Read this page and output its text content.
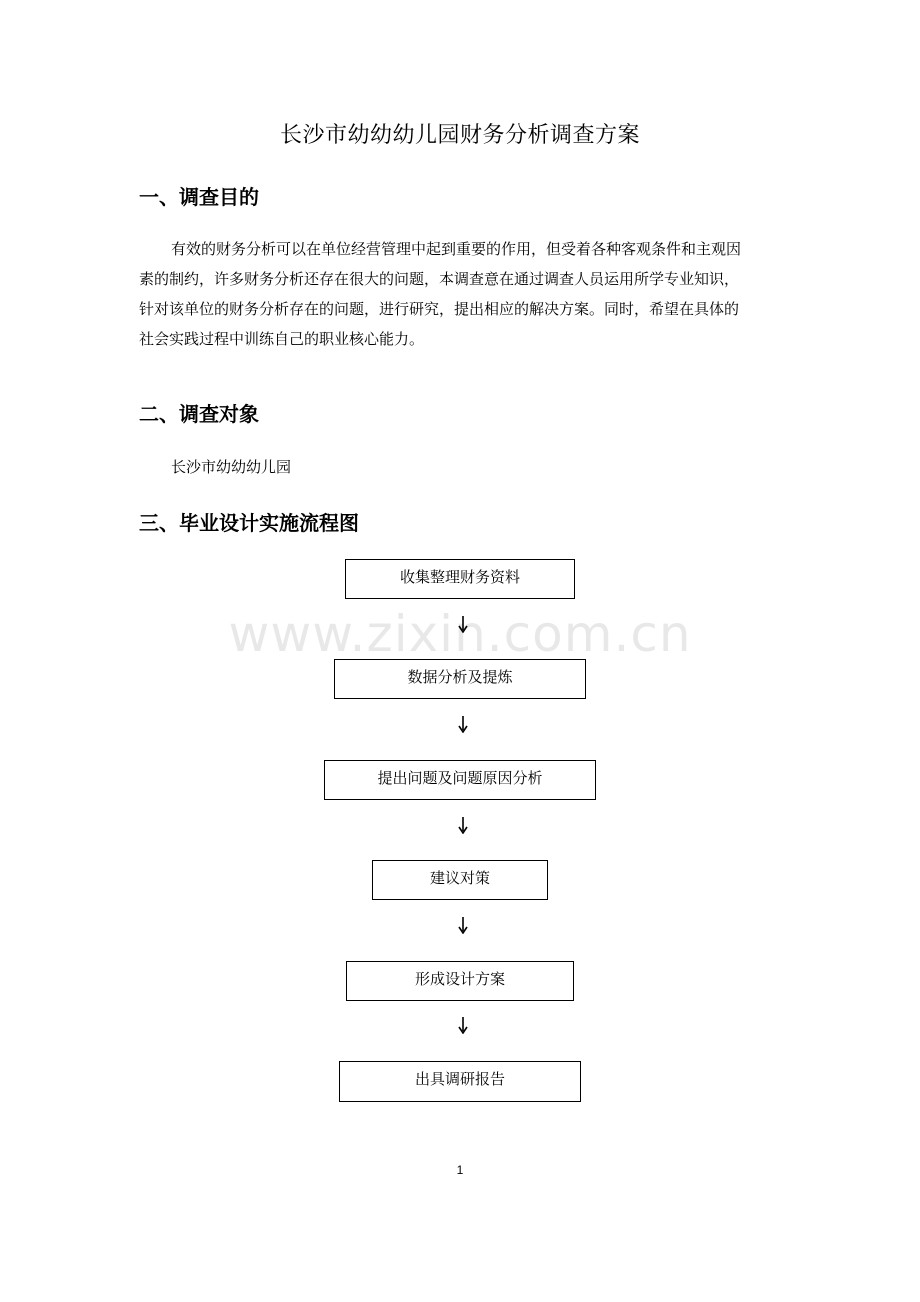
长沙市幼幼幼儿园财务分析调查方案
一、调查目的
有效的财务分析可以在单位经营管理中起到重要的作用，但受着各种客观条件和主观因
素的制约，许多财务分析还存在很大的问题，本调查意在通过调查人员运用所学专业知识，
针对该单位的财务分析存在的问题，进行研究，提出相应的解决方案。同时，希望在具体的
社会实践过程中训练自己的职业核心能力。
二、调查对象
长沙市幼幼幼儿园
三、毕业设计实施流程图
www.zixin.com.cn
收集整理财务资料
数据分析及提炼
提出问题及问题原因分析
建议对策
形成设计方案
出具调研报告
1
